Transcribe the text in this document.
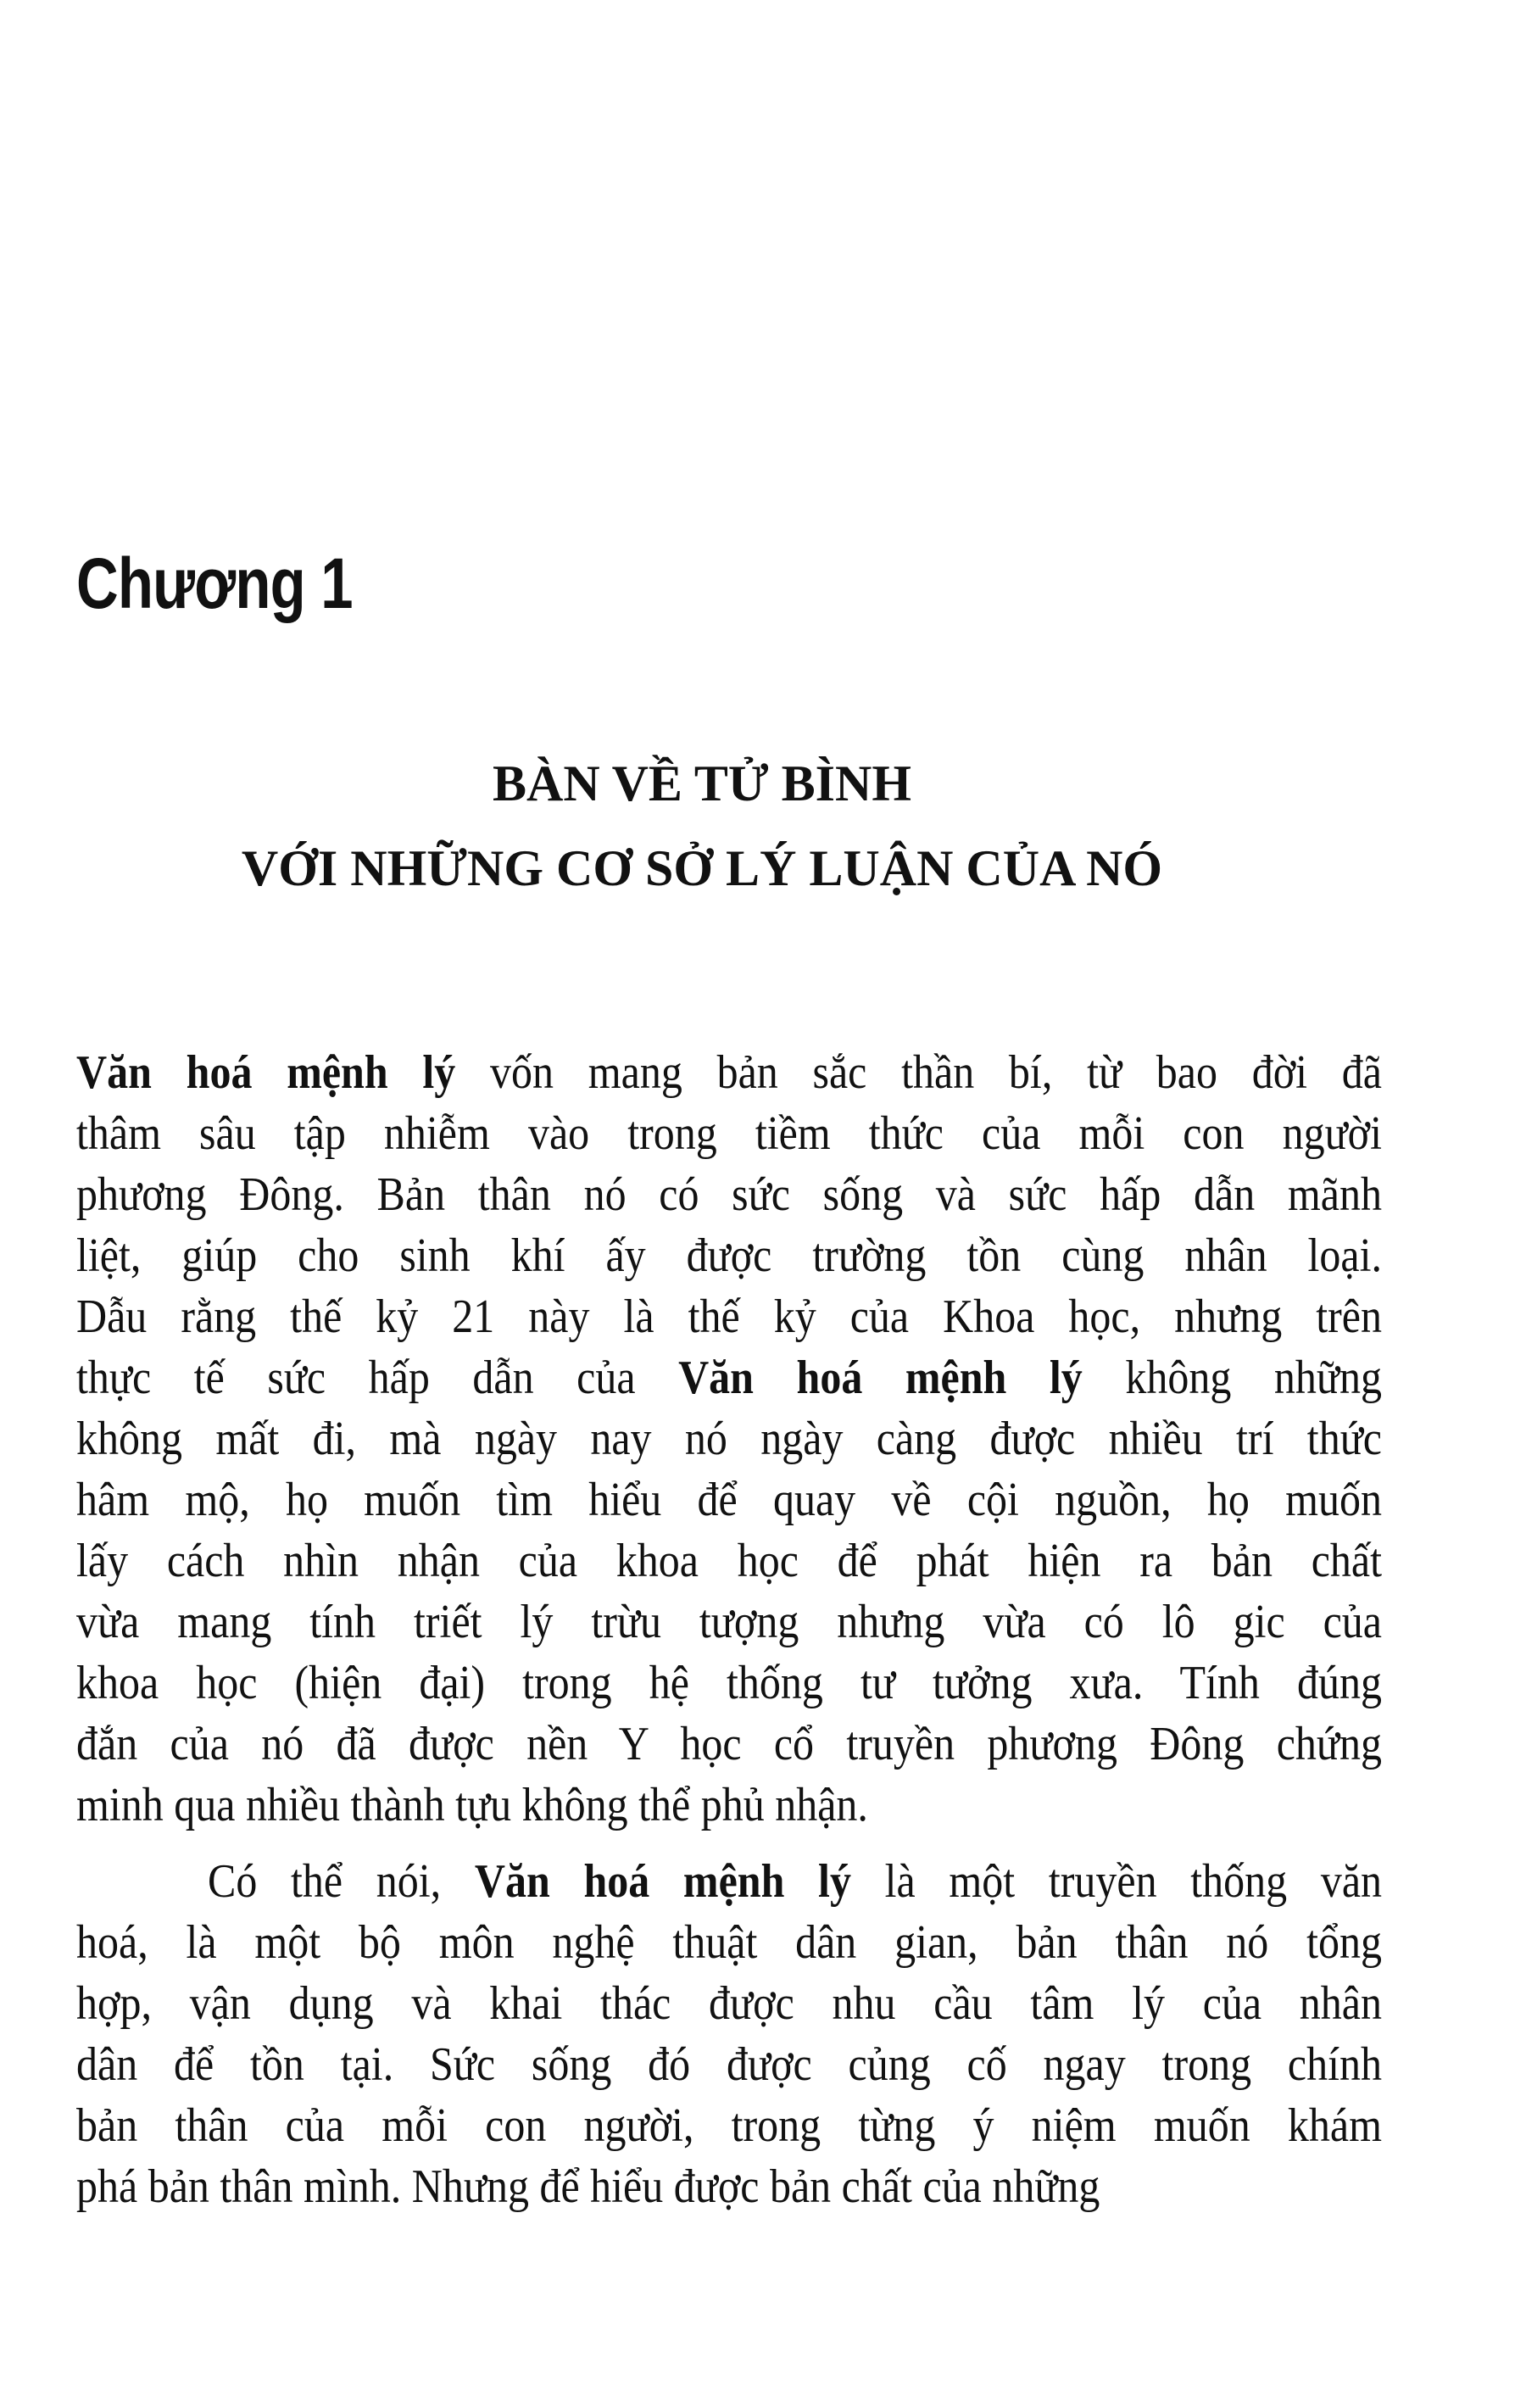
Chương 1
BÀN VỀ TỬ BÌNH
VỚI NHỮNG CƠ SỞ LÝ LUẬN CỦA NÓ
Văn hoá mệnh lý vốn mang bản sắc thần bí, từ bao đời đã
thâm sâu tập nhiễm vào trong tiềm thức của mỗi con người
phương Đông. Bản thân nó có sức sống và sức hấp dẫn mãnh
liệt, giúp cho sinh khí ấy được trường tồn cùng nhân loại.
Dẫu rằng thế kỷ 21 này là thế kỷ của Khoa học, nhưng trên
thực tế sức hấp dẫn của Văn hoá mệnh lý không những
không mất đi, mà ngày nay nó ngày càng được nhiều trí thức
hâm mộ, họ muốn tìm hiểu để quay về cội nguồn, họ muốn
lấy cách nhìn nhận của khoa học để phát hiện ra bản chất
vừa mang tính triết lý trừu tượng nhưng vừa có lô gic của
khoa học (hiện đại) trong hệ thống tư tưởng xưa. Tính đúng
đắn của nó đã được nền Y học cổ truyền phương Đông chứng
minh qua nhiều thành tựu không thể phủ nhận.
Có thể nói, Văn hoá mệnh lý là một truyền thống văn
hoá, là một bộ môn nghệ thuật dân gian, bản thân nó tổng
hợp, vận dụng và khai thác được nhu cầu tâm lý của nhân
dân để tồn tại. Sức sống đó được củng cố ngay trong chính
bản thân của mỗi con người, trong từng ý niệm muốn khám
phá bản thân mình. Nhưng để hiểu được bản chất của những
